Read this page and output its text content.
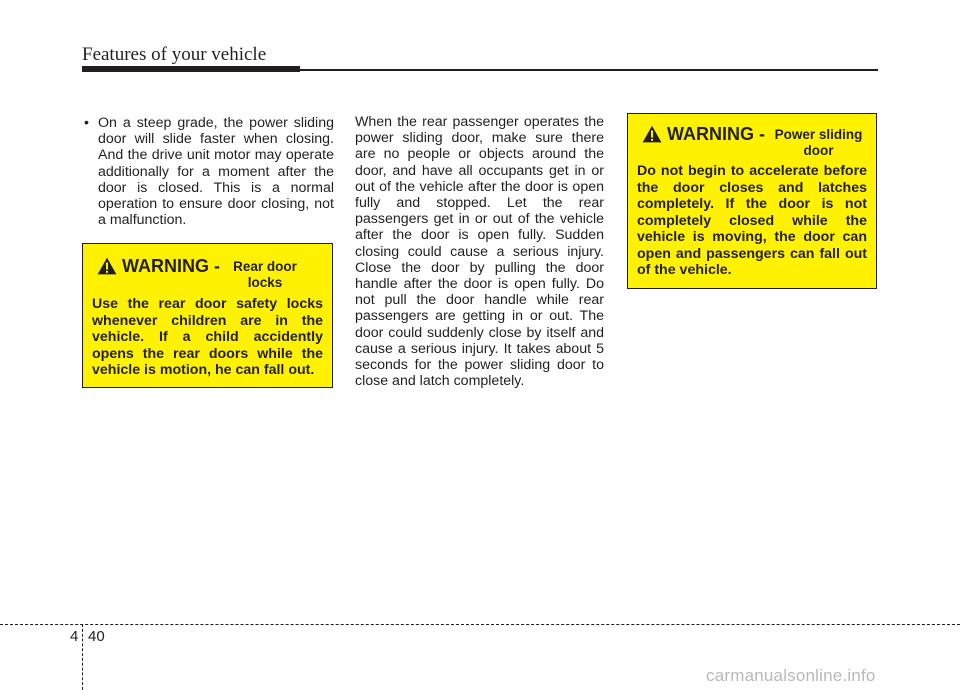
Features of your vehicle
• On a steep grade, the power sliding door will slide faster when closing. And the drive unit motor may operate additionally for a moment after the door is closed. This is a normal operation to ensure door closing, not a malfunction.
WARNING - Rear door locks
Use the rear door safety locks whenever children are in the vehicle. If a child accidently opens the rear doors while the vehicle is motion, he can fall out.
When the rear passenger operates the power sliding door, make sure there are no people or objects around the door, and have all occupants get in or out of the vehicle after the door is open fully and stopped. Let the rear passengers get in or out of the vehicle after the door is open fully. Sudden closing could cause a serious injury. Close the door by pulling the door handle after the door is open fully. Do not pull the door handle while rear passengers are getting in or out. The door could suddenly close by itself and cause a serious injury. It takes about 5 seconds for the power sliding door to close and latch completely.
WARNING - Power sliding door
Do not begin to accelerate before the door closes and latches completely. If the door is not completely closed while the vehicle is moving, the door can open and passengers can fall out of the vehicle.
4 40
carmanualsonline.info
